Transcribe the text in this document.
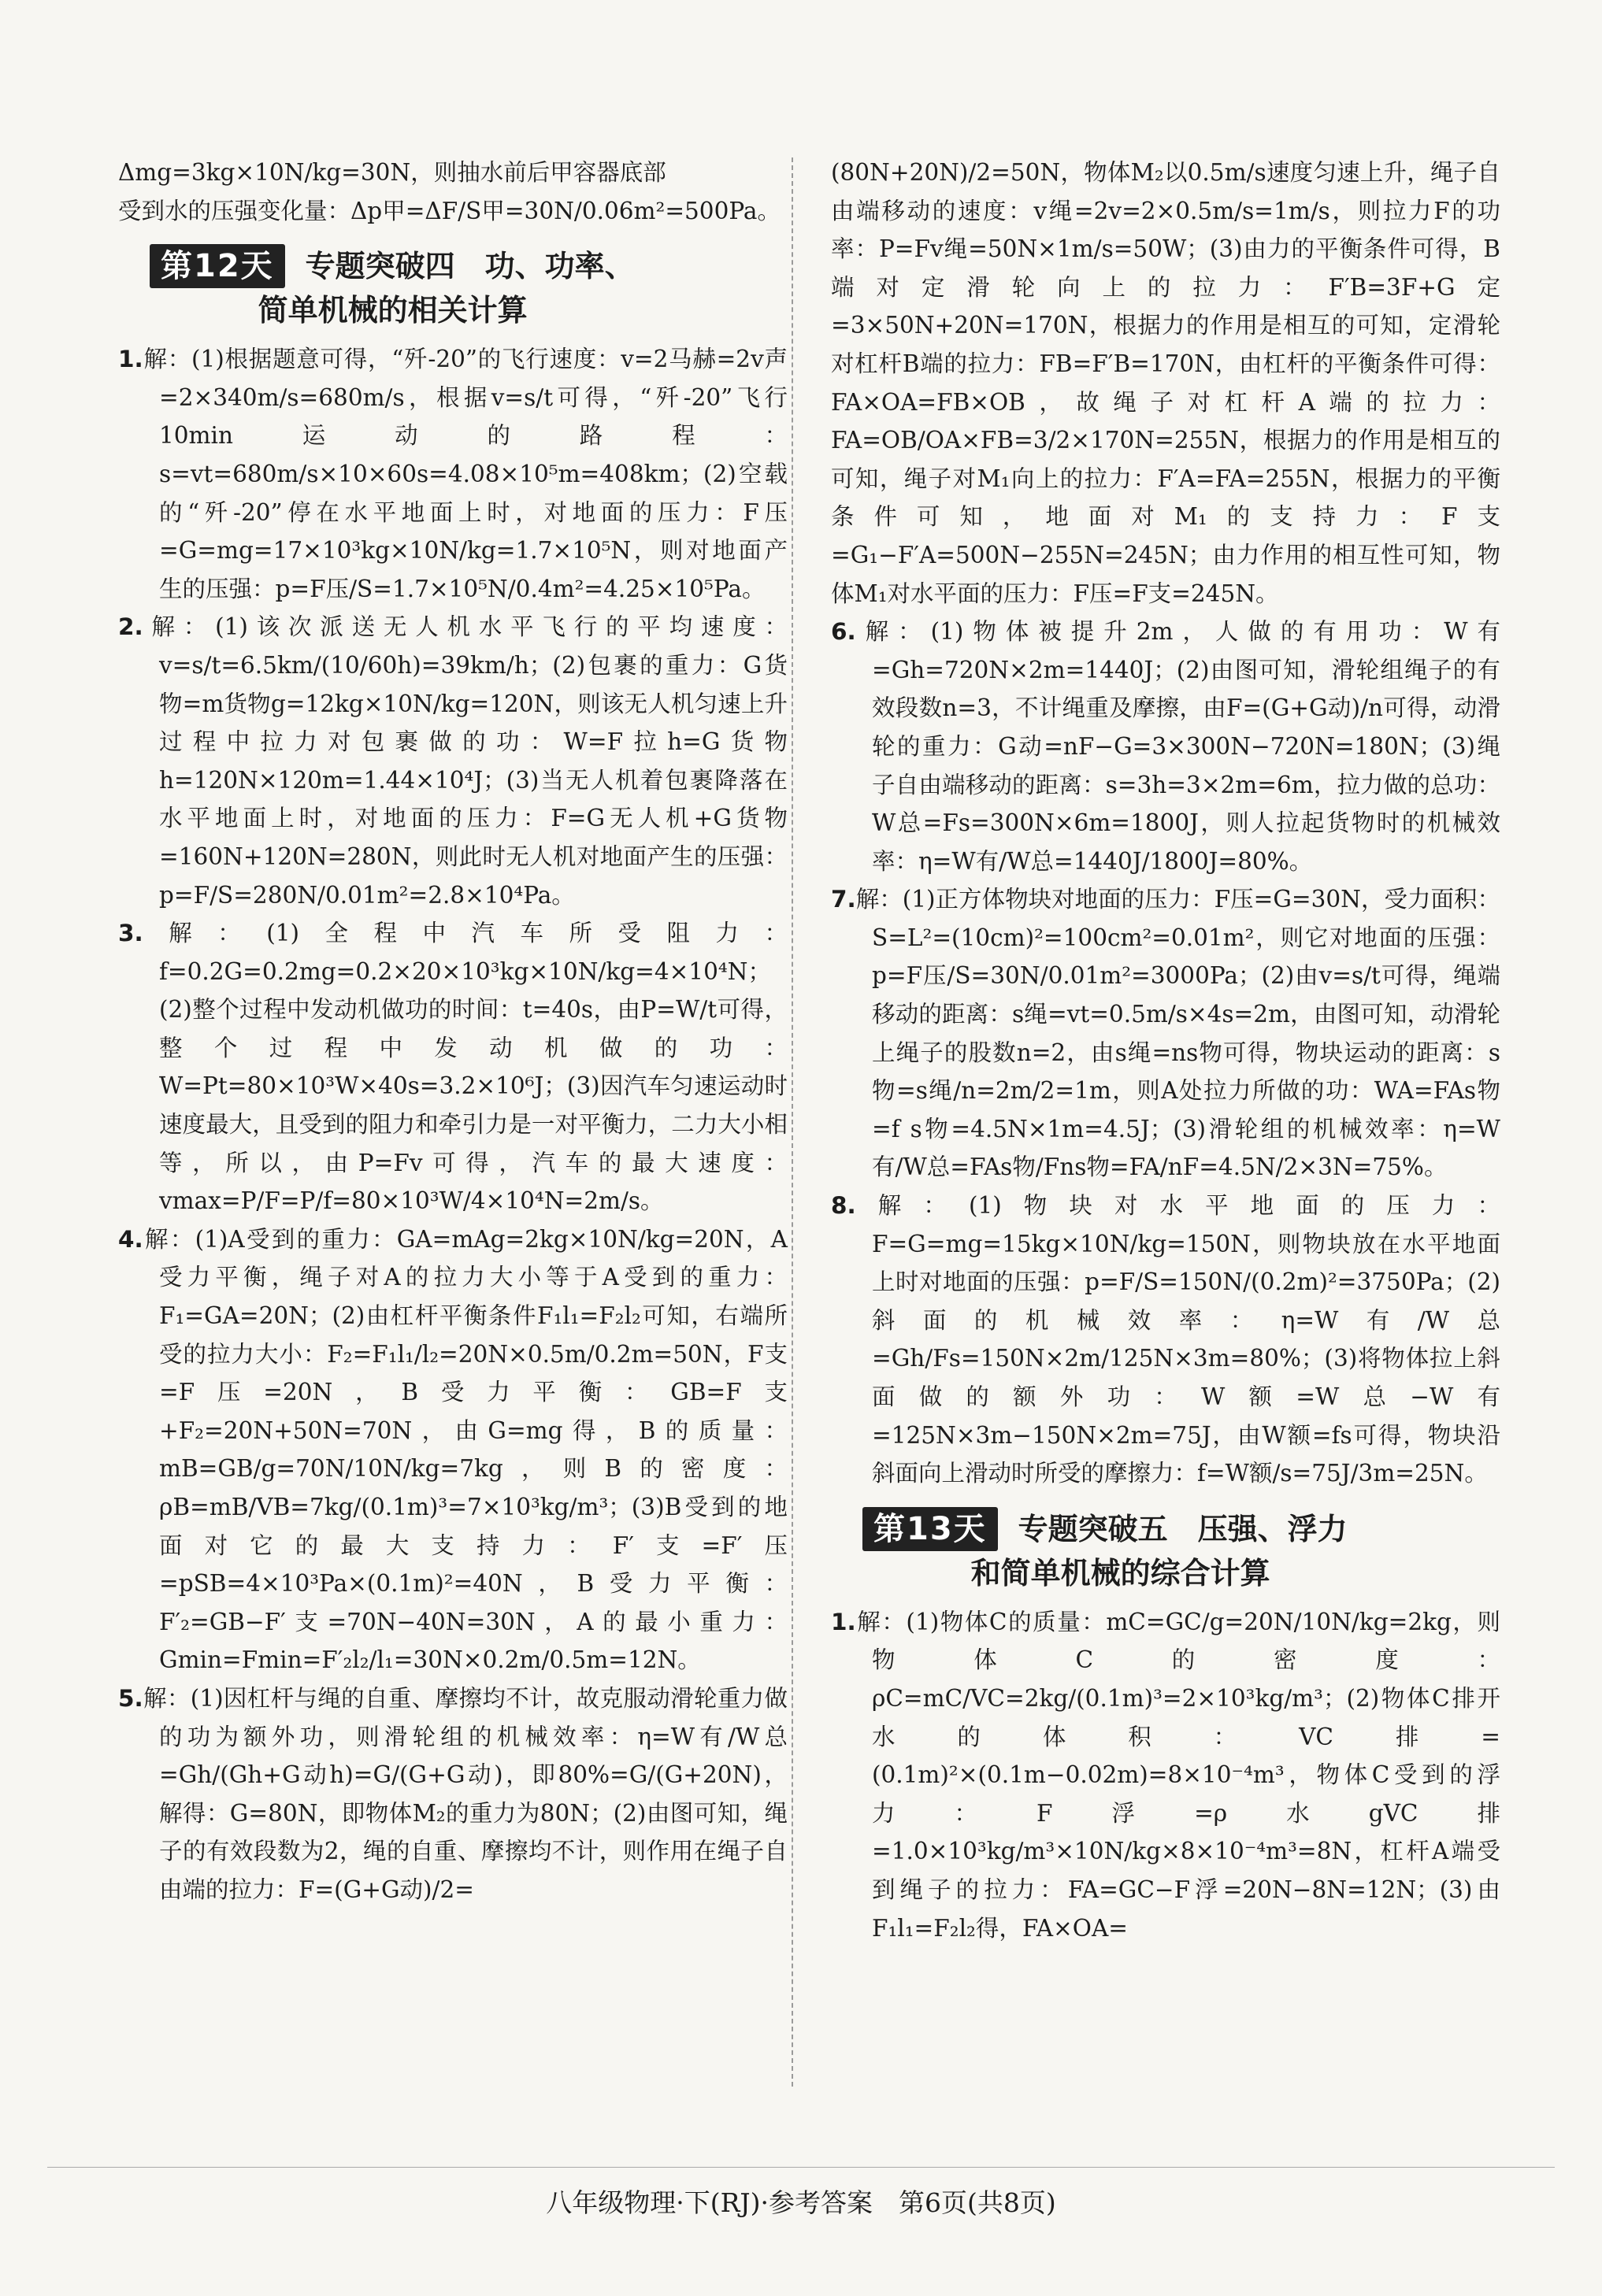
Δmg=3kg×10N/kg=30N，则抽水前后甲容器底部

受到水的压强变化量：Δp甲=ΔF/S甲=30N/0.06m²=500Pa。

第12天	专题突破四　功、功率、
简单机械的相关计算

1.解：(1)根据题意可得，“歼-20”的飞行速度：v=2马赫=2v声=2×340m/s=680m/s，根据v=s/t可得，“歼-20”飞行10min运动的路程：s=vt=680m/s×10×60s=4.08×10⁵m=408km；(2)空载的“歼-20”停在水平地面上时，对地面的压力：F压=G=mg=17×10³kg×10N/kg=1.7×10⁵N，则对地面产生的压强：p=F压/S=1.7×10⁵N/0.4m²=4.25×10⁵Pa。

2.解：(1)该次派送无人机水平飞行的平均速度：v=s/t=6.5km/(10/60h)=39km/h；(2)包裹的重力：G货物=m货物g=12kg×10N/kg=120N，则该无人机匀速上升过程中拉力对包裹做的功：W=F拉h=G货物h=120N×120m=1.44×10⁴J；(3)当无人机着包裹降落在水平地面上时，对地面的压力：F=G无人机+G货物=160N+120N=280N，则此时无人机对地面产生的压强：p=F/S=280N/0.01m²=2.8×10⁴Pa。

3.解：(1)全程中汽车所受阻力：f=0.2G=0.2mg=0.2×20×10³kg×10N/kg=4×10⁴N；(2)整个过程中发动机做功的时间：t=40s，由P=W/t可得，整个过程中发动机做的功：W=Pt=80×10³W×40s=3.2×10⁶J；(3)因汽车匀速运动时速度最大，且受到的阻力和牵引力是一对平衡力，二力大小相等，所以，由P=Fv可得，汽车的最大速度：vmax=P/F=P/f=80×10³W/4×10⁴N=2m/s。

4.解：(1)A受到的重力：GA=mAg=2kg×10N/kg=20N，A受力平衡，绳子对A的拉力大小等于A受到的重力：F₁=GA=20N；(2)由杠杆平衡条件F₁l₁=F₂l₂可知，右端所受的拉力大小：F₂=F₁l₁/l₂=20N×0.5m/0.2m=50N，F支=F压=20N，B受力平衡：GB=F支+F₂=20N+50N=70N，由G=mg得，B的质量：mB=GB/g=70N/10N/kg=7kg，则B的密度：ρB=mB/VB=7kg/(0.1m)³=7×10³kg/m³；(3)B受到的地面对它的最大支持力：F′支=F′压=pSB=4×10³Pa×(0.1m)²=40N，B受力平衡：F′₂=GB−F′支=70N−40N=30N，A的最小重力：Gmin=Fmin=F′₂l₂/l₁=30N×0.2m/0.5m=12N。

5.解：(1)因杠杆与绳的自重、摩擦均不计，故克服动滑轮重力做的功为额外功，则滑轮组的机械效率：η=W有/W总=Gh/(Gh+G动h)=G/(G+G动)，即80%=G/(G+20N)，解得：G=80N，即物体M₂的重力为80N；(2)由图可知，绳子的有效段数为2，绳的自重、摩擦均不计，则作用在绳子自由端的拉力：F=(G+G动)/2=

(80N+20N)/2=50N，物体M₂以0.5m/s速度匀速上升，绳子自由端移动的速度：v绳=2v=2×0.5m/s=1m/s，则拉力F的功率：P=Fv绳=50N×1m/s=50W；(3)由力的平衡条件可得，B端对定滑轮向上的拉力：F′B=3F+G定=3×50N+20N=170N，根据力的作用是相互的可知，定滑轮对杠杆B端的拉力：FB=F′B=170N，由杠杆的平衡条件可得：FA×OA=FB×OB，故绳子对杠杆A端的拉力：FA=OB/OA×FB=3/2×170N=255N，根据力的作用是相互的可知，绳子对M₁向上的拉力：F′A=FA=255N，根据力的平衡条件可知，地面对M₁的支持力：F支=G₁−F′A=500N−255N=245N；由力作用的相互性可知，物体M₁对水平面的压力：F压=F支=245N。

6.解：(1)物体被提升2m，人做的有用功：W有=Gh=720N×2m=1440J；(2)由图可知，滑轮组绳子的有效段数n=3，不计绳重及摩擦，由F=(G+G动)/n可得，动滑轮的重力：G动=nF−G=3×300N−720N=180N；(3)绳子自由端移动的距离：s=3h=3×2m=6m，拉力做的总功：W总=Fs=300N×6m=1800J，则人拉起货物时的机械效率：η=W有/W总=1440J/1800J=80%。

7.解：(1)正方体物块对地面的压力：F压=G=30N，受力面积：S=L²=(10cm)²=100cm²=0.01m²，则它对地面的压强：p=F压/S=30N/0.01m²=3000Pa；(2)由v=s/t可得，绳端移动的距离：s绳=vt=0.5m/s×4s=2m，由图可知，动滑轮上绳子的股数n=2，由s绳=ns物可得，物块运动的距离：s物=s绳/n=2m/2=1m，则A处拉力所做的功：WA=FAs物=f s物=4.5N×1m=4.5J；(3)滑轮组的机械效率：η=W有/W总=FAs物/Fns物=FA/nF=4.5N/2×3N=75%。

8.解：(1)物块对水平地面的压力：F=G=mg=15kg×10N/kg=150N，则物块放在水平地面上时对地面的压强：p=F/S=150N/(0.2m)²=3750Pa；(2)斜面的机械效率：η=W有/W总=Gh/Fs=150N×2m/125N×3m=80%；(3)将物体拉上斜面做的额外功：W额=W总−W有=125N×3m−150N×2m=75J，由W额=fs可得，物块沿斜面向上滑动时所受的摩擦力：f=W额/s=75J/3m=25N。

第13天	专题突破五　压强、浮力
和简单机械的综合计算

1.解：(1)物体C的质量：mC=GC/g=20N/10N/kg=2kg，则物体C的密度：ρC=mC/VC=2kg/(0.1m)³=2×10³kg/m³；(2)物体C排开水的体积：VC排=(0.1m)²×(0.1m−0.02m)=8×10⁻⁴m³，物体C受到的浮力：F浮=ρ水gVC排=1.0×10³kg/m³×10N/kg×8×10⁻⁴m³=8N，杠杆A端受到绳子的拉力：FA=GC−F浮=20N−8N=12N；(3)由F₁l₁=F₂l₂得，FA×OA=

八年级物理·下(RJ)·参考答案　第6页(共8页)
